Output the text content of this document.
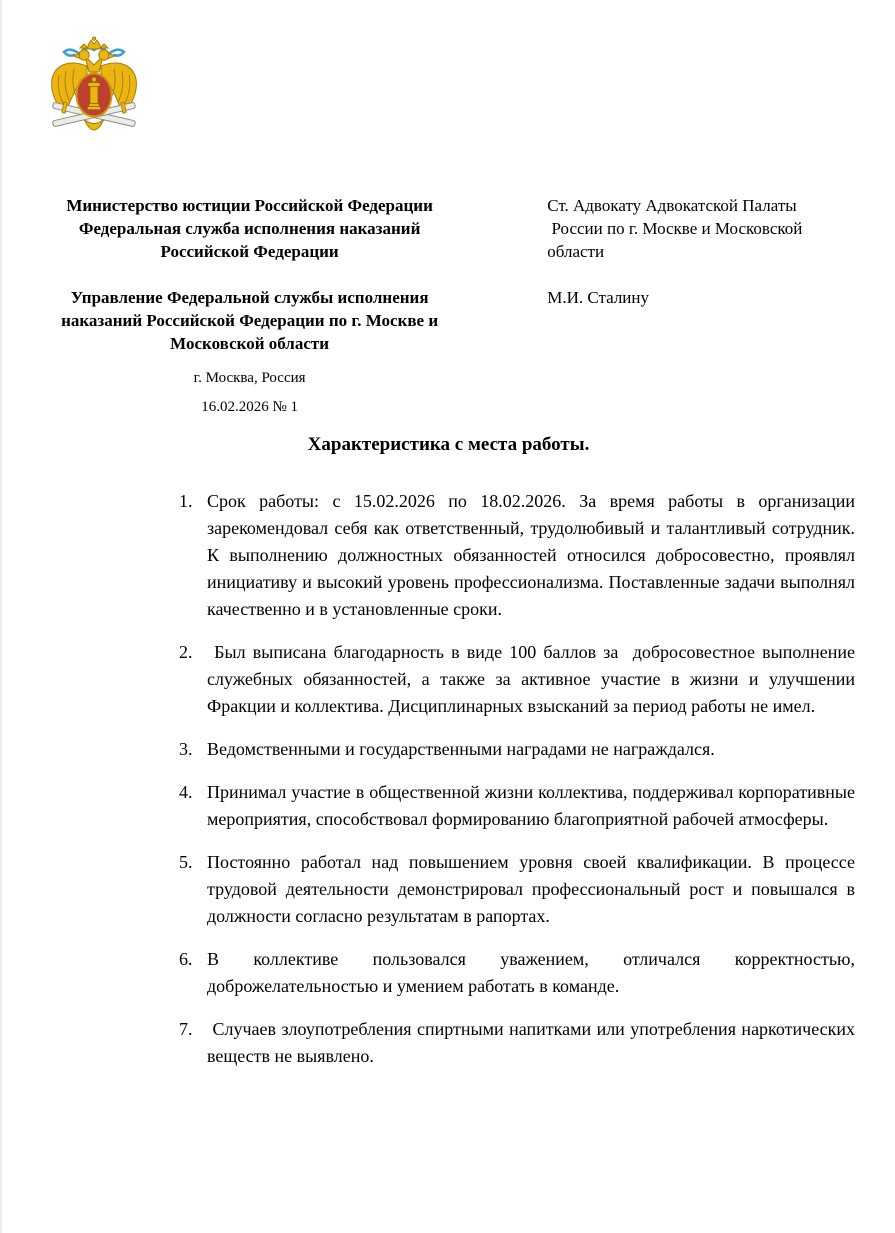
Министерство юстиции Российской Федерации
Федеральная служба исполнения наказаний
Российской Федерации
Управление Федеральной службы исполнения
наказаний Российской Федерации по г. Москве и
Московской области
г. Москва, Россия
16.02.2026 № 1
Ст. Адвокату Адвокатской Палаты
России по г. Москве и Московской
области
М.И. Сталину
Характеристика с места работы.
1. Срок работы: с 15.02.2026 по 18.02.2026. За время работы в организации зарекомендовал себя как ответственный, трудолюбивый и талантливый сотрудник. К выполнению должностных обязанностей относился добросовестно, проявлял инициативу и высокий уровень профессионализма. Поставленные задачи выполнял качественно и в установленные сроки.

2. Был выписана благодарность в виде 100 баллов за  добросовестное выполнение служебных обязанностей, а также за активное участие в жизни и улучшении Фракции и коллектива. Дисциплинарных взысканий за период работы не имел.

3. Ведомственными и государственными наградами не награждался.

4. Принимал участие в общественной жизни коллектива, поддерживал корпоративные мероприятия, способствовал формированию благоприятной рабочей атмосферы.

5. Постоянно работал над повышением уровня своей квалификации. В процессе трудовой деятельности демонстрировал профессиональный рост и повышался в должности согласно результатам в рапортах.

6. В коллективе пользовался уважением, отличался корректностью, доброжелательностью и умением работать в команде.

7. Случаев злоупотребления спиртными напитками или употребления наркотических веществ не выявлено.
